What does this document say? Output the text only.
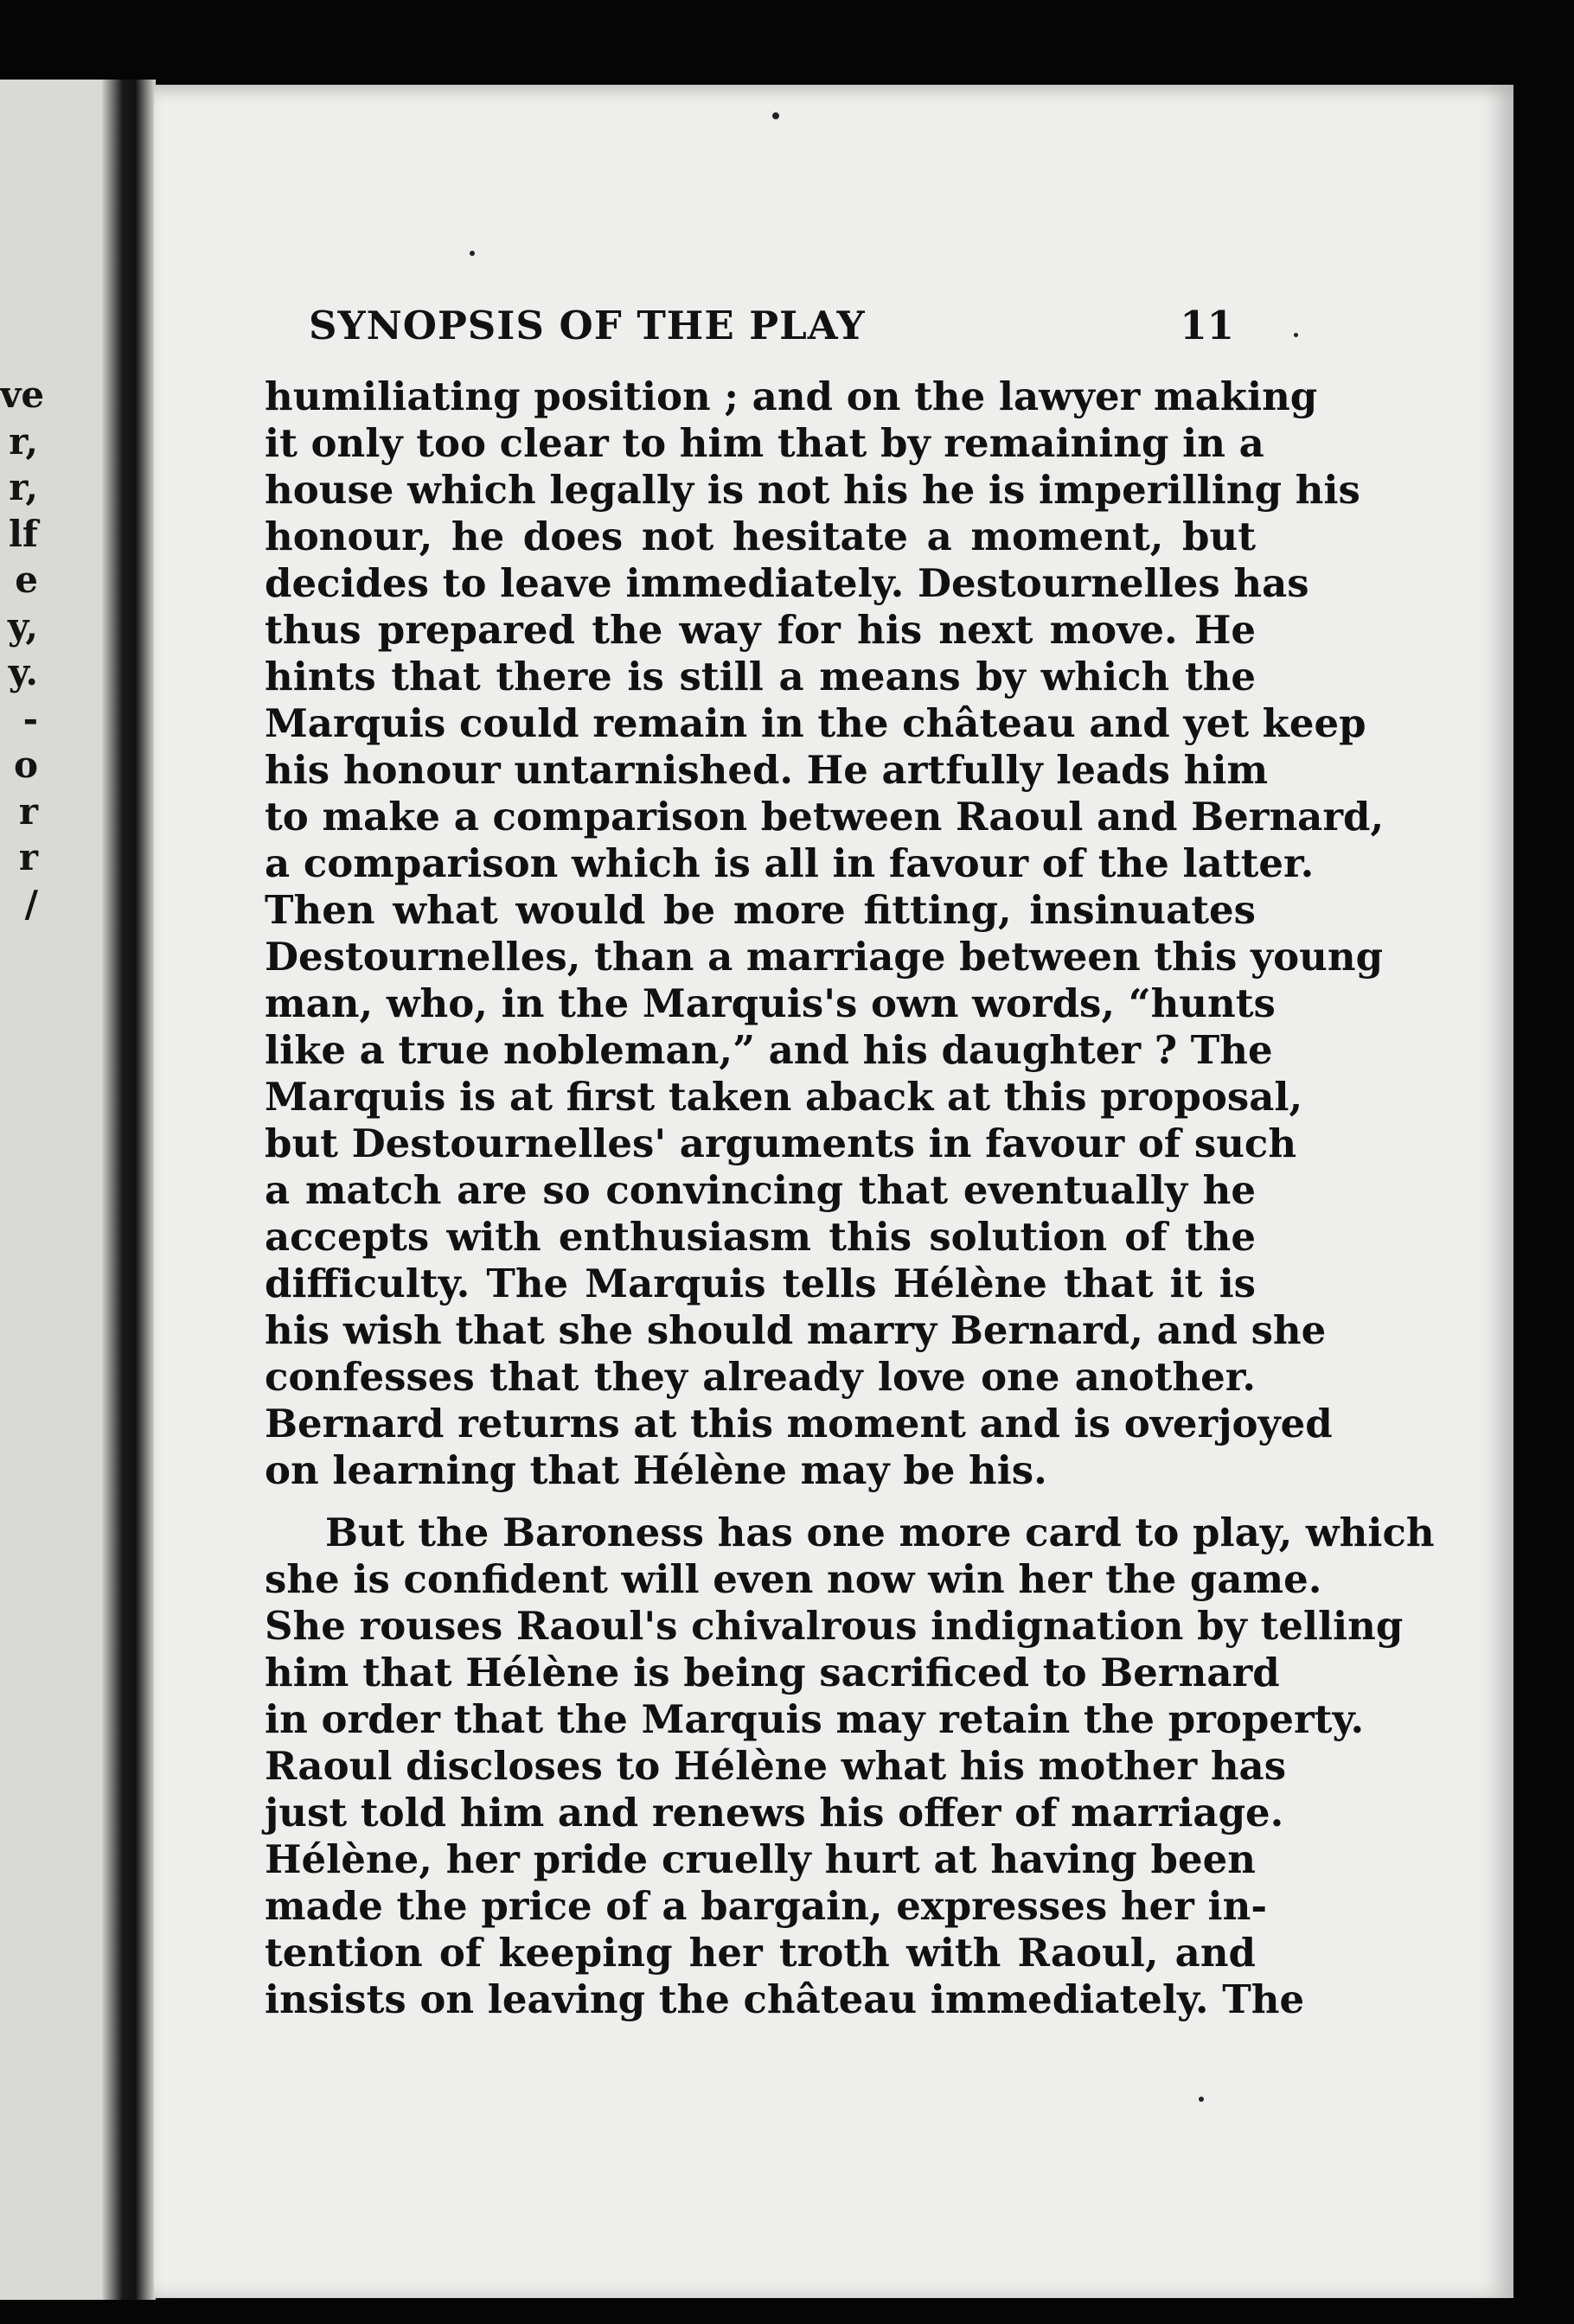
ve
r,
r,
lf
e
y,
y.
-
o
r
r
/
SYNOPSIS OF THE PLAY	11
humiliating position ; and on the lawyer making
it only too clear to him that by remaining in a
house which legally is not his he is imperilling his
honour, he does not hesitate a moment, but
decides to leave immediately. Destournelles has
thus prepared the way for his next move. He
hints that there is still a means by which the
Marquis could remain in the château and yet keep
his honour untarnished. He artfully leads him
to make a comparison between Raoul and Bernard,
a comparison which is all in favour of the latter.
Then what would be more fitting, insinuates
Destournelles, than a marriage between this young
man, who, in the Marquis's own words, “hunts
like a true nobleman,” and his daughter ? The
Marquis is at first taken aback at this proposal,
but Destournelles' arguments in favour of such
a match are so convincing that eventually he
accepts with enthusiasm this solution of the
difficulty. The Marquis tells Hélène that it is
his wish that she should marry Bernard, and she
confesses that they already love one another.
Bernard returns at this moment and is overjoyed
on learning that Hélène may be his.
But the Baroness has one more card to play, which
she is confident will even now win her the game.
She rouses Raoul's chivalrous indignation by telling
him that Hélène is being sacrificed to Bernard
in order that the Marquis may retain the property.
Raoul discloses to Hélène what his mother has
just told him and renews his offer of marriage.
Hélène, her pride cruelly hurt at having been
made the price of a bargain, expresses her in-
tention of keeping her troth with Raoul, and
insists on leaving the château immediately. The
